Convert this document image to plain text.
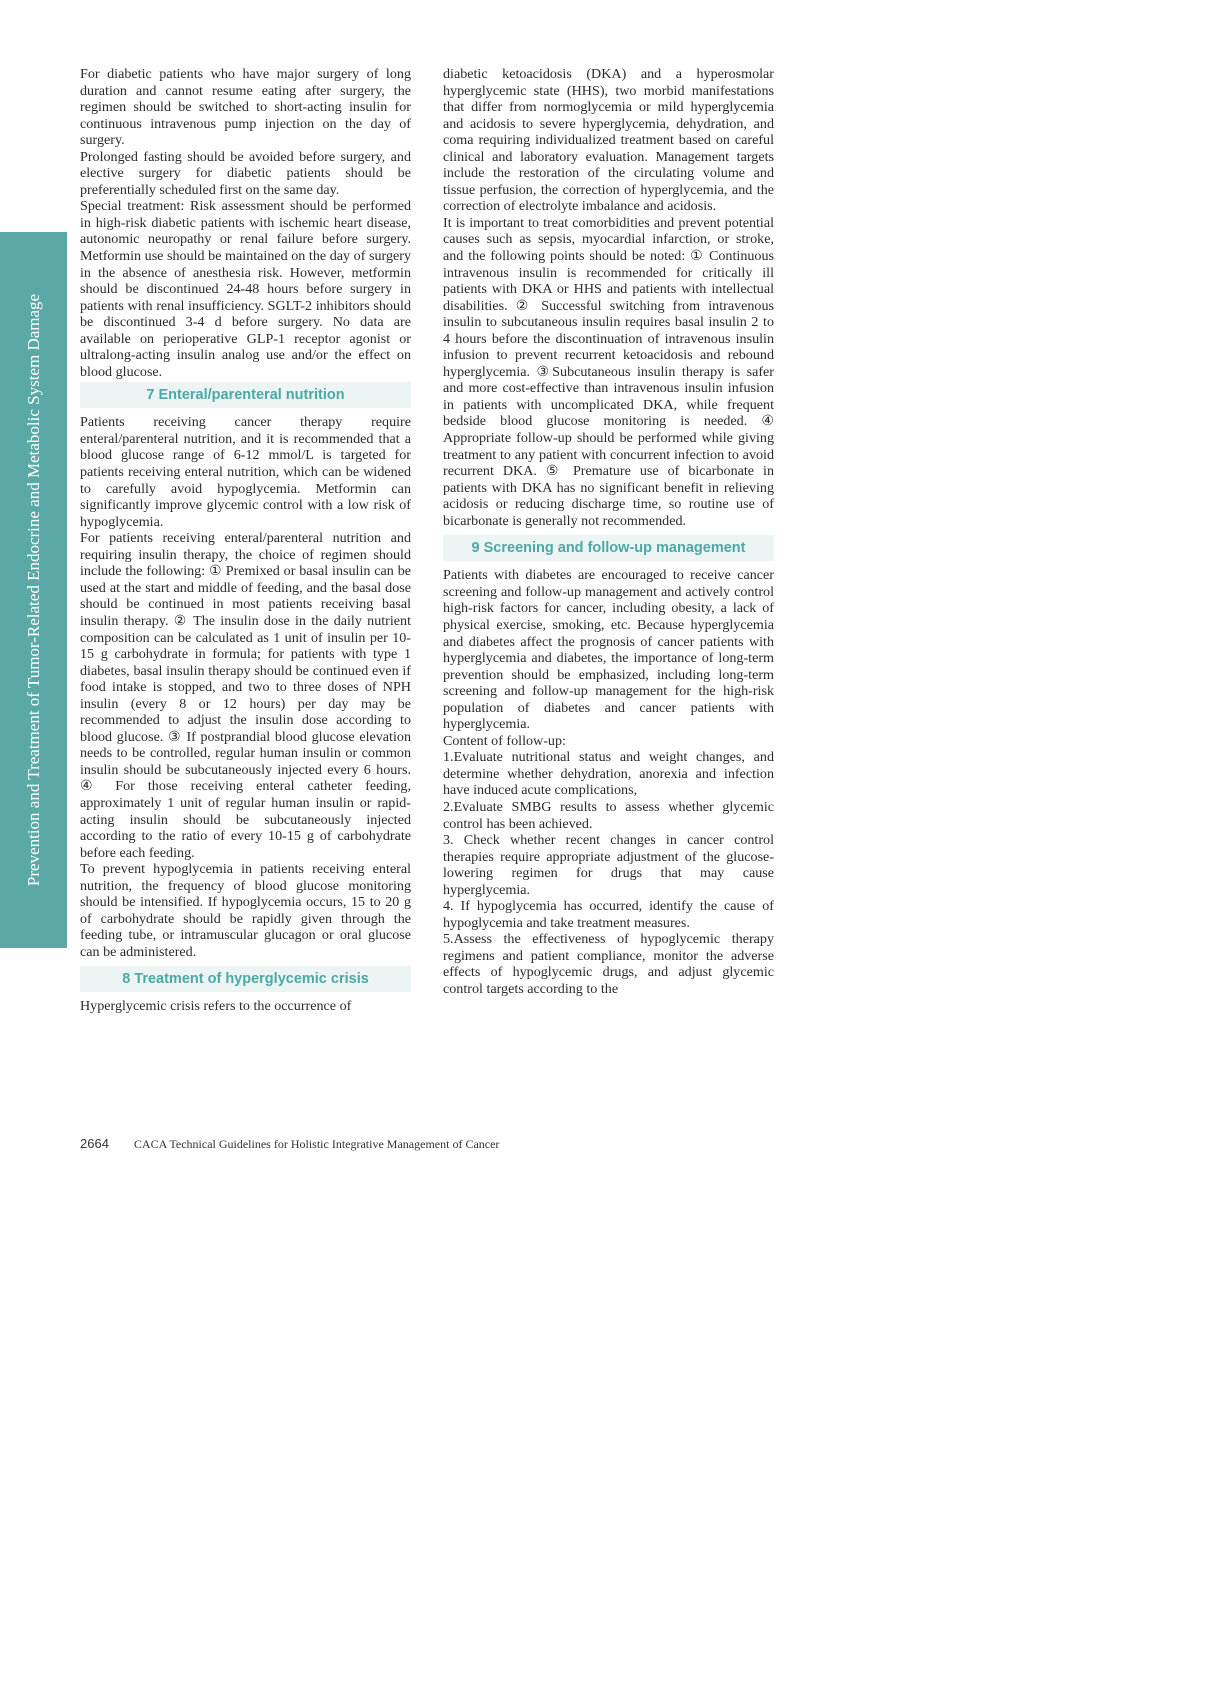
Prevention and Treatment of Tumor-Related Endocrine and Metabolic System Damage

For diabetic patients who have major surgery of long duration and cannot resume eating after surgery, the regimen should be switched to short-acting insulin for continuous intravenous pump injection on the day of surgery.

Prolonged fasting should be avoided before surgery, and elective surgery for diabetic patients should be preferentially scheduled first on the same day.

Special treatment: Risk assessment should be performed in high-risk diabetic patients with ischemic heart disease, autonomic neuropathy or renal failure before surgery. Metformin use should be maintained on the day of surgery in the absence of anesthesia risk. However, metformin should be discontinued 24-48 hours before surgery in patients with renal insufficiency. SGLT-2 inhibitors should be discontinued 3-4 d before surgery. No data are available on perioperative GLP-1 receptor agonist or ultralong-acting insulin analog use and/or the effect on blood glucose.

7 Enteral/parenteral nutrition

Patients receiving cancer therapy require enteral/parenteral nutrition, and it is recommended that a blood glucose range of 6-12 mmol/L is targeted for patients receiving enteral nutrition, which can be widened to carefully avoid hypoglycemia. Metformin can significantly improve glycemic control with a low risk of hypoglycemia.

For patients receiving enteral/parenteral nutrition and requiring insulin therapy, the choice of regimen should include the following: ① Premixed or basal insulin can be used at the start and middle of feeding, and the basal dose should be continued in most patients receiving basal insulin therapy. ② The insulin dose in the daily nutrient composition can be calculated as 1 unit of insulin per 10-15 g carbohydrate in formula; for patients with type 1 diabetes, basal insulin therapy should be continued even if food intake is stopped, and two to three doses of NPH insulin (every 8 or 12 hours) per day may be recommended to adjust the insulin dose according to blood glucose. ③ If postprandial blood glucose elevation needs to be controlled, regular human insulin or common insulin should be subcutaneously injected every 6 hours. ④ For those receiving enteral catheter feeding, approximately 1 unit of regular human insulin or rapid-acting insulin should be subcutaneously injected according to the ratio of every 10-15 g of carbohydrate before each feeding.

To prevent hypoglycemia in patients receiving enteral nutrition, the frequency of blood glucose monitoring should be intensified. If hypoglycemia occurs, 15 to 20 g of carbohydrate should be rapidly given through the feeding tube, or intramuscular glucagon or oral glucose can be administered.

8 Treatment of hyperglycemic crisis

Hyperglycemic crisis refers to the occurrence of

diabetic ketoacidosis (DKA) and a hyperosmolar hyperglycemic state (HHS), two morbid manifestations that differ from normoglycemia or mild hyperglycemia and acidosis to severe hyperglycemia, dehydration, and coma requiring individualized treatment based on careful clinical and laboratory evaluation. Management targets include the restoration of the circulating volume and tissue perfusion, the correction of hyperglycemia, and the correction of electrolyte imbalance and acidosis.

It is important to treat comorbidities and prevent potential causes such as sepsis, myocardial infarction, or stroke, and the following points should be noted: ① Continuous intravenous insulin is recommended for critically ill patients with DKA or HHS and patients with intellectual disabilities. ② Successful switching from intravenous insulin to subcutaneous insulin requires basal insulin 2 to 4 hours before the discontinuation of intravenous insulin infusion to prevent recurrent ketoacidosis and rebound hyperglycemia. ③Subcutaneous insulin therapy is safer and more cost-effective than intravenous insulin infusion in patients with uncomplicated DKA, while frequent bedside blood glucose monitoring is needed. ④ Appropriate follow-up should be performed while giving treatment to any patient with concurrent infection to avoid recurrent DKA. ⑤ Premature use of bicarbonate in patients with DKA has no significant benefit in relieving acidosis or reducing discharge time, so routine use of bicarbonate is generally not recommended.

9 Screening and follow-up management

Patients with diabetes are encouraged to receive cancer screening and follow-up management and actively control high-risk factors for cancer, including obesity, a lack of physical exercise, smoking, etc. Because hyperglycemia and diabetes affect the prognosis of cancer patients with hyperglycemia and diabetes, the importance of long-term prevention should be emphasized, including long-term screening and follow-up management for the high-risk population of diabetes and cancer patients with hyperglycemia.

Content of follow-up:

1.Evaluate nutritional status and weight changes, and determine whether dehydration, anorexia and infection have induced acute complications,

2.Evaluate SMBG results to assess whether glycemic control has been achieved.

3. Check whether recent changes in cancer control therapies require appropriate adjustment of the glucose-lowering regimen for drugs that may cause hyperglycemia.

4. If hypoglycemia has occurred, identify the cause of hypoglycemia and take treatment measures.

5.Assess the effectiveness of hypoglycemic therapy regimens and patient compliance, monitor the adverse effects of hypoglycemic drugs, and adjust glycemic control targets according to the

2664 CACA Technical Guidelines for Holistic Integrative Management of Cancer
